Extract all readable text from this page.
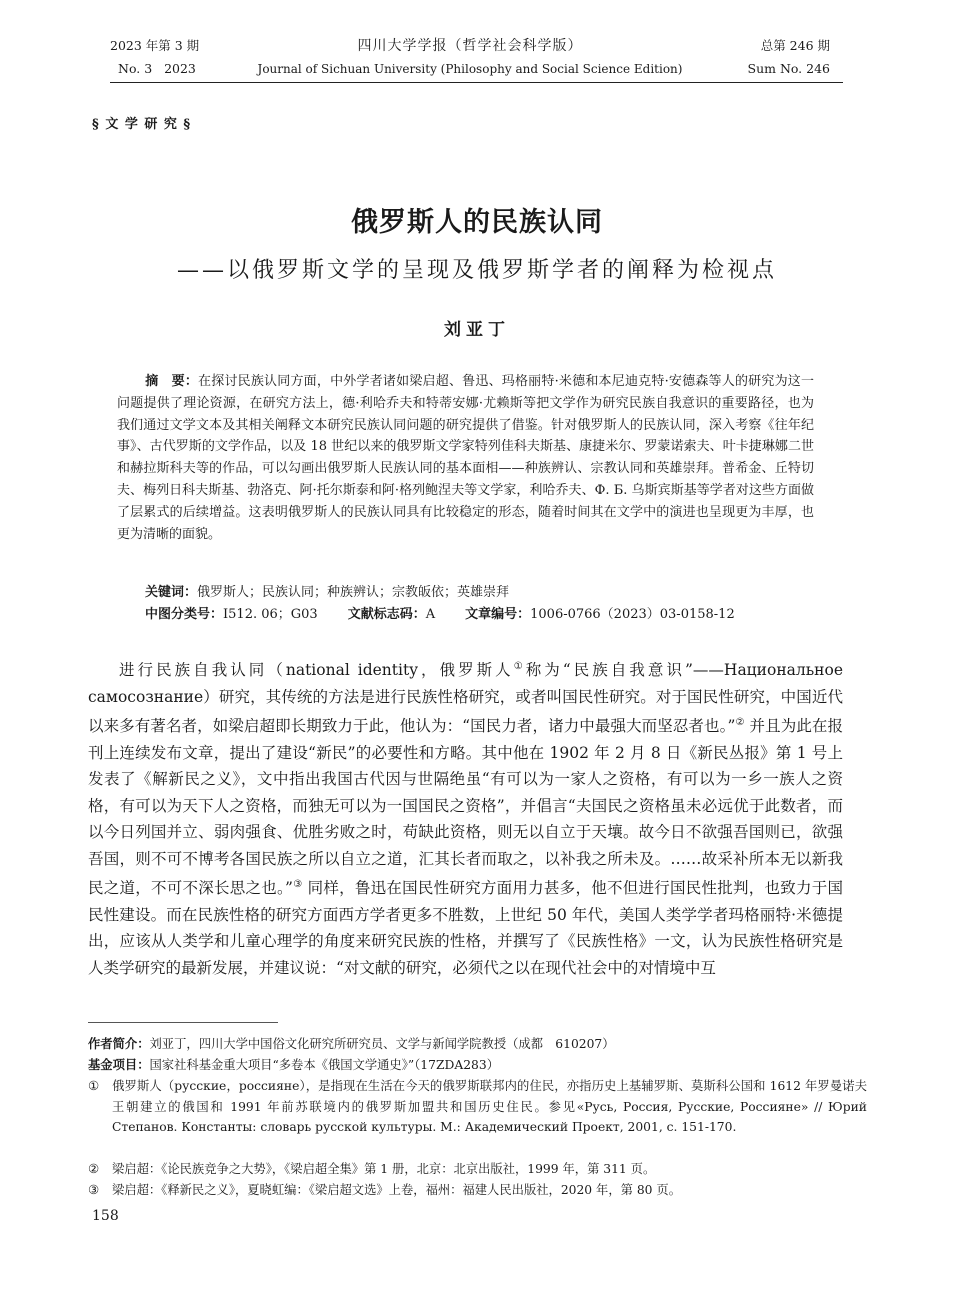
2023 年第 3 期	四川大学学报（哲学社会科学版）	总第 246 期
No. 3   2023	Journal of Sichuan University (Philosophy and Social Science Edition)	Sum No. 246
§ 文 学 研 究 §
俄罗斯人的民族认同
——以俄罗斯文学的呈现及俄罗斯学者的阐释为检视点
刘亚丁
摘　要：在探讨民族认同方面，中外学者诸如梁启超、鲁迅、玛格丽特·米德和本尼迪克特·安德森等人的研究为这一问题提供了理论资源，在研究方法上，德·利哈乔夫和特蒂安娜·尤赖斯等把文学作为研究民族自我意识的重要路径，也为我们通过文学文本及其相关阐释文本研究民族认同问题的研究提供了借鉴。针对俄罗斯人的民族认同，深入考察《往年纪事》、古代罗斯的文学作品，以及 18 世纪以来的俄罗斯文学家特列佳科夫斯基、康捷米尔、罗蒙诺索夫、叶卡捷琳娜二世和赫拉斯科夫等的作品，可以勾画出俄罗斯人民族认同的基本面相——种族辨认、宗教认同和英雄崇拜。普希金、丘特切夫、梅列日科夫斯基、勃洛克、阿·托尔斯泰和阿·格列鲍涅夫等文学家，利哈乔夫、Ф. Б. 乌斯宾斯基等学者对这些方面做了层累式的后续增益。这表明俄罗斯人的民族认同具有比较稳定的形态，随着时间其在文学中的演进也呈现更为丰厚，也更为清晰的面貌。
关键词：俄罗斯人；民族认同；种族辨认；宗教皈依；英雄崇拜
中图分类号：I512. 06；G03 文献标志码：A 文章编号：1006-0766（2023）03-0158-12
进行民族自我认同（national identity，俄罗斯人①称为“民族自我意识”——Национальное самосознание）研究，其传统的方法是进行民族性格研究，或者叫国民性研究。对于国民性研究，中国近代以来多有著名者，如梁启超即长期致力于此，他认为：“国民力者，诸力中最强大而坚忍者也。”② 并且为此在报刊上连续发布文章，提出了建设“新民”的必要性和方略。其中他在 1902 年 2 月 8 日《新民丛报》第 1 号上发表了《解新民之义》，文中指出我国古代因与世隔绝虽“有可以为一家人之资格，有可以为一乡一族人之资格，有可以为天下人之资格，而独无可以为一国国民之资格”，并倡言“夫国民之资格虽未必远优于此数者，而以今日列国并立、弱肉强食、优胜劣败之时，苟缺此资格，则无以自立于天壤。故今日不欲强吾国则已，欲强吾国，则不可不博考各国民族之所以自立之道，汇其长者而取之，以补我之所未及。……故采补所本无以新我民之道，不可不深长思之也。”③ 同样，鲁迅在国民性研究方面用力甚多，他不但进行国民性批判，也致力于国民性建设。而在民族性格的研究方面西方学者更多不胜数，上世纪 50 年代，美国人类学学者玛格丽特·米德提出，应该从人类学和儿童心理学的角度来研究民族的性格，并撰写了《民族性格》一文，认为民族性格研究是人类学研究的最新发展，并建议说：“对文献的研究，必须代之以在现代社会中的对情境中互
作者简介：刘亚丁，四川大学中国俗文化研究所研究员、文学与新闻学院教授（成都　610207）
基金项目：国家社科基金重大项目“多卷本《俄国文学通史》”（17ZDA283）
① 俄罗斯人（русские，россияне），是指现在生活在今天的俄罗斯联邦内的住民，亦指历史上基辅罗斯、莫斯科公国和 1612 年罗曼诺夫王朝建立的俄国和 1991 年前苏联境内的俄罗斯加盟共和国历史住民。参见«Русь, Россия, Русские, Россияне» // Юрий Степанов. Константы: словарь русской культуры. М.: Академический Проект, 2001, с. 151-170.
② 梁启超：《论民族竞争之大势》，《梁启超全集》第 1 册，北京：北京出版社，1999 年，第 311 页。
③ 梁启超：《释新民之义》，夏晓虹编：《梁启超文选》上卷，福州：福建人民出版社，2020 年，第 80 页。
158
